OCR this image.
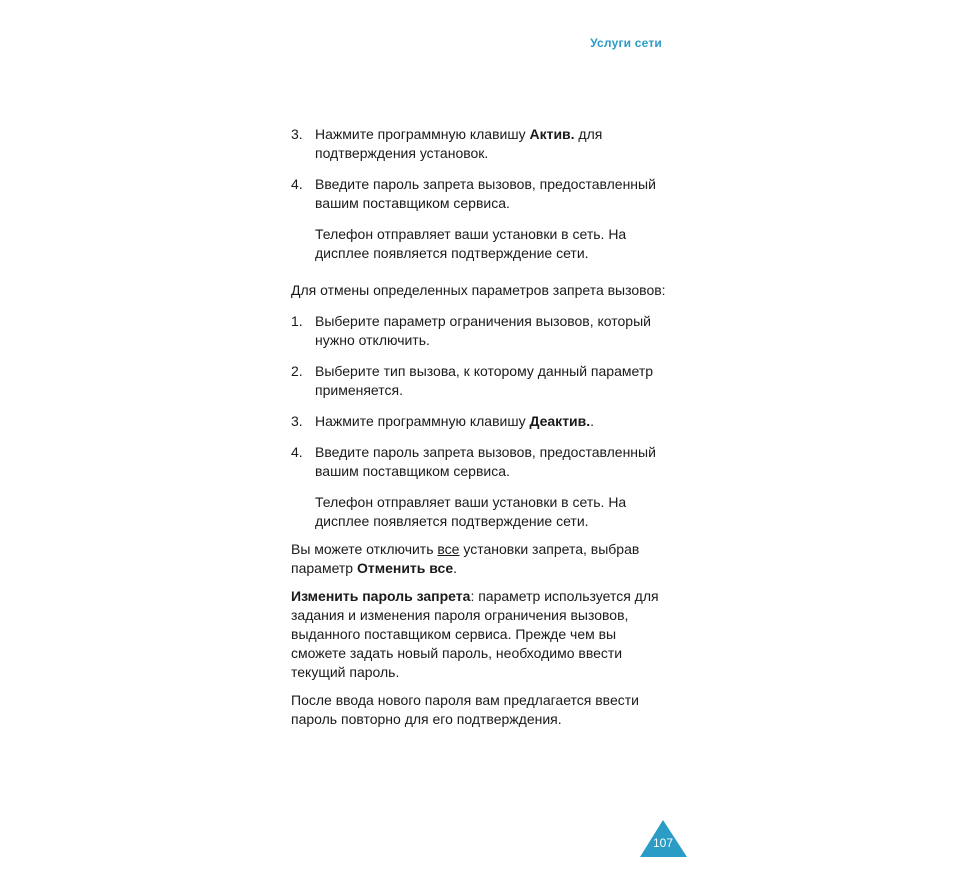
Услуги сети
3. Нажмите программную клавишу Актив. для подтверждения установок.
4. Введите пароль запрета вызовов, предоставленный вашим поставщиком сервиса.
Телефон отправляет ваши установки в сеть. На дисплее появляется подтверждение сети.
Для отмены определенных параметров запрета вызовов:
1. Выберите параметр ограничения вызовов, который нужно отключить.
2. Выберите тип вызова, к которому данный параметр применяется.
3. Нажмите программную клавишу Деактив..
4. Введите пароль запрета вызовов, предоставленный вашим поставщиком сервиса.
Телефон отправляет ваши установки в сеть. На дисплее появляется подтверждение сети.
Вы можете отключить все установки запрета, выбрав параметр Отменить все.
Изменить пароль запрета: параметр используется для задания и изменения пароля ограничения вызовов, выданного поставщиком сервиса. Прежде чем вы сможете задать новый пароль, необходимо ввести текущий пароль.
После ввода нового пароля вам предлагается ввести пароль повторно для его подтверждения.
107
